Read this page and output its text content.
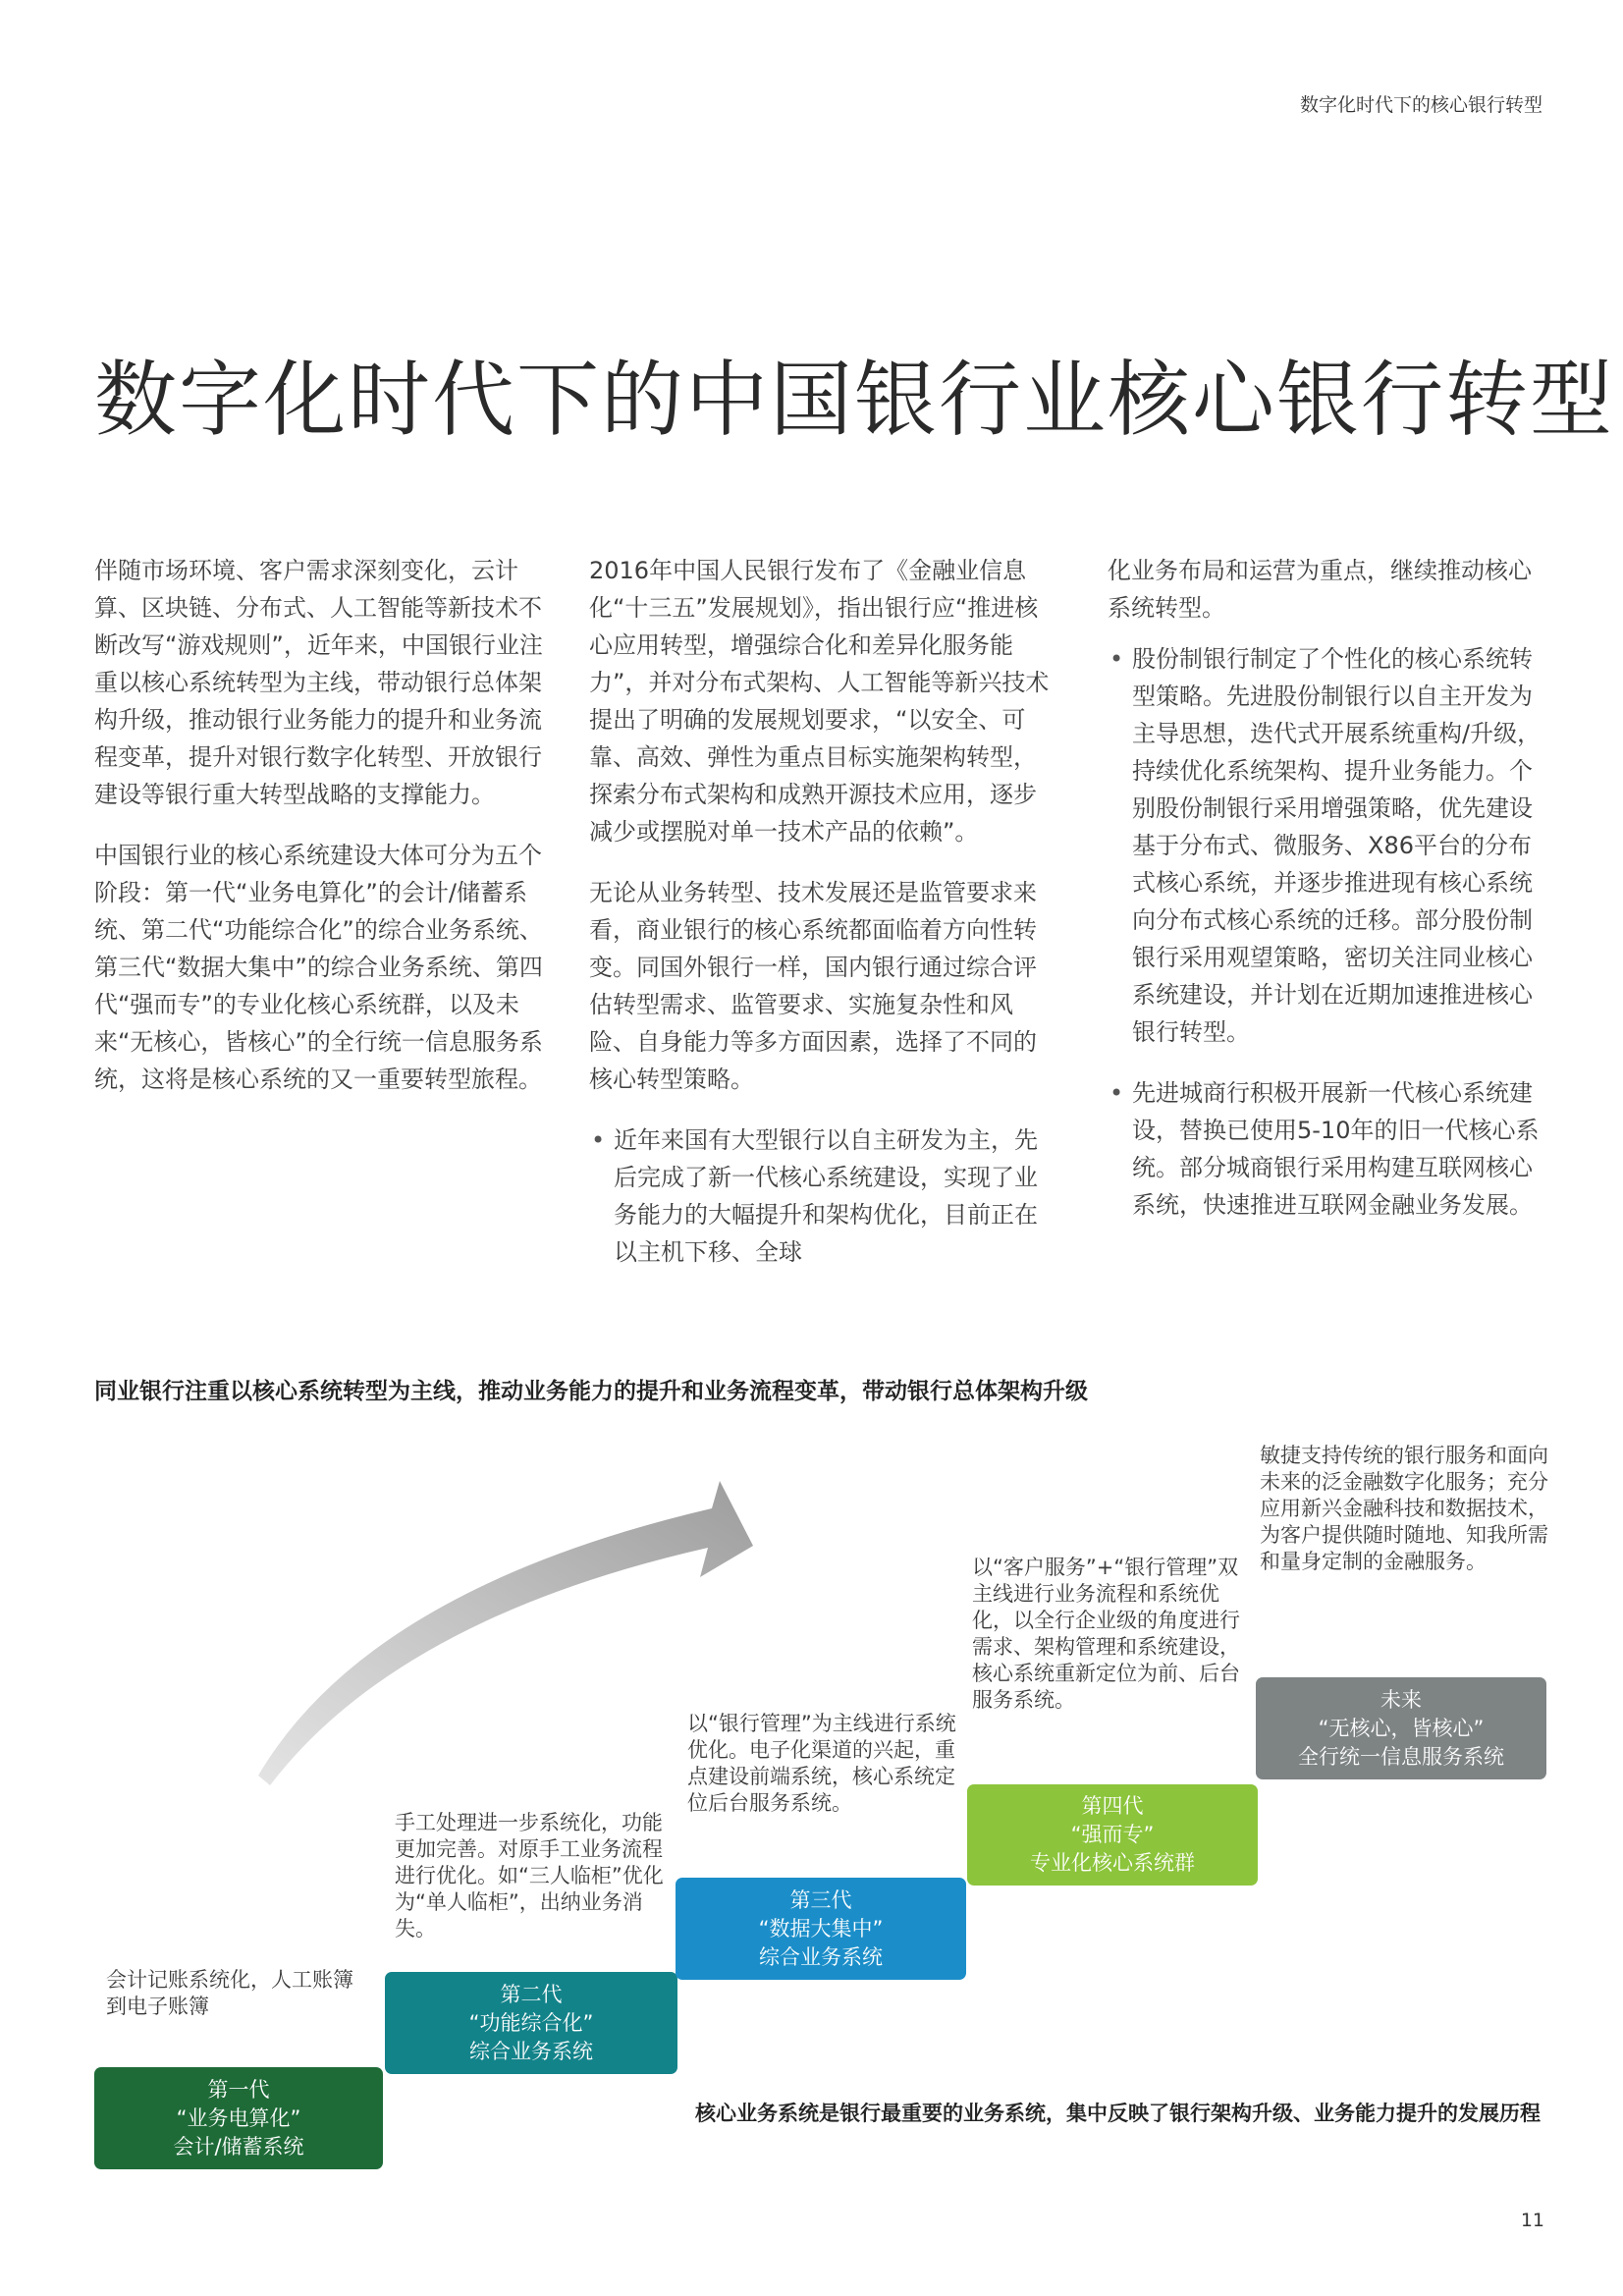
数字化时代下的核心银行转型
数字化时代下的中国银行业核心银行转型

伴随市场环境、客户需求深刻变化，云计算、区块链、分布式、人工智能等新技术不断改写“游戏规则”，近年来，中国银行业注重以核心系统转型为主线，带动银行总体架构升级，推动银行业务能力的提升和业务流程变革，提升对银行数字化转型、开放银行建设等银行重大转型战略的支撑能力。

中国银行业的核心系统建设大体可分为五个阶段：第一代“业务电算化”的会计/储蓄系统、第二代“功能综合化”的综合业务系统、第三代“数据大集中”的综合业务系统、第四代“强而专”的专业化核心系统群，以及未来“无核心，皆核心”的全行统一信息服务系统，这将是核心系统的又一重要转型旅程。

2016年中国人民银行发布了《金融业信息化“十三五”发展规划》，指出银行应“推进核心应用转型，增强综合化和差异化服务能力”，并对分布式架构、人工智能等新兴技术提出了明确的发展规划要求，“以安全、可靠、高效、弹性为重点目标实施架构转型，探索分布式架构和成熟开源技术应用，逐步减少或摆脱对单一技术产品的依赖”。

无论从业务转型、技术发展还是监管要求来看，商业银行的核心系统都面临着方向性转变。同国外银行一样，国内银行通过综合评估转型需求、监管要求、实施复杂性和风险、自身能力等多方面因素，选择了不同的核心转型策略。

• 近年来国有大型银行以自主研发为主，先后完成了新一代核心系统建设，实现了业务能力的大幅提升和架构优化，目前正在以主机下移、全球

化业务布局和运营为重点，继续推动核心系统转型。

• 股份制银行制定了个性化的核心系统转型策略。先进股份制银行以自主开发为主导思想，迭代式开展系统重构/升级，持续优化系统架构、提升业务能力。个别股份制银行采用增强策略，优先建设基于分布式、微服务、X86平台的分布式核心系统，并逐步推进现有核心系统向分布式核心系统的迁移。部分股份制银行采用观望策略，密切关注同业核心系统建设，并计划在近期加速推进核心银行转型。
• 先进城商行积极开展新一代核心系统建设，替换已使用5-10年的旧一代核心系统。部分城商银行采用构建互联网核心系统，快速推进互联网金融业务发展。
同业银行注重以核心系统转型为主线，推动业务能力的提升和业务流程变革，带动银行总体架构升级
敏捷支持传统的银行服务和面向未来的泛金融数字化服务；充分应用新兴金融科技和数据技术，为客户提供随时随地、知我所需和量身定制的金融服务。
以“客户服务”+“银行管理”双主线进行业务流程和系统优化，以全行企业级的角度进行需求、架构管理和系统建设，核心系统重新定位为前、后台服务系统。
以“银行管理”为主线进行系统优化。电子化渠道的兴起，重点建设前端系统，核心系统定位后台服务系统。
手工处理进一步系统化，功能更加完善。对原手工业务流程进行优化。如“三人临柜”优化为“单人临柜”，出纳业务消失。
会计记账系统化，人工账簿到电子账簿
第一代
“业务电算化”
会计/储蓄系统
第二代
“功能综合化”
综合业务系统
第三代
“数据大集中”
综合业务系统
第四代
“强而专”
专业化核心系统群
未来
“无核心，皆核心”
全行统一信息服务系统
核心业务系统是银行最重要的业务系统，集中反映了银行架构升级、业务能力提升的发展历程
11
